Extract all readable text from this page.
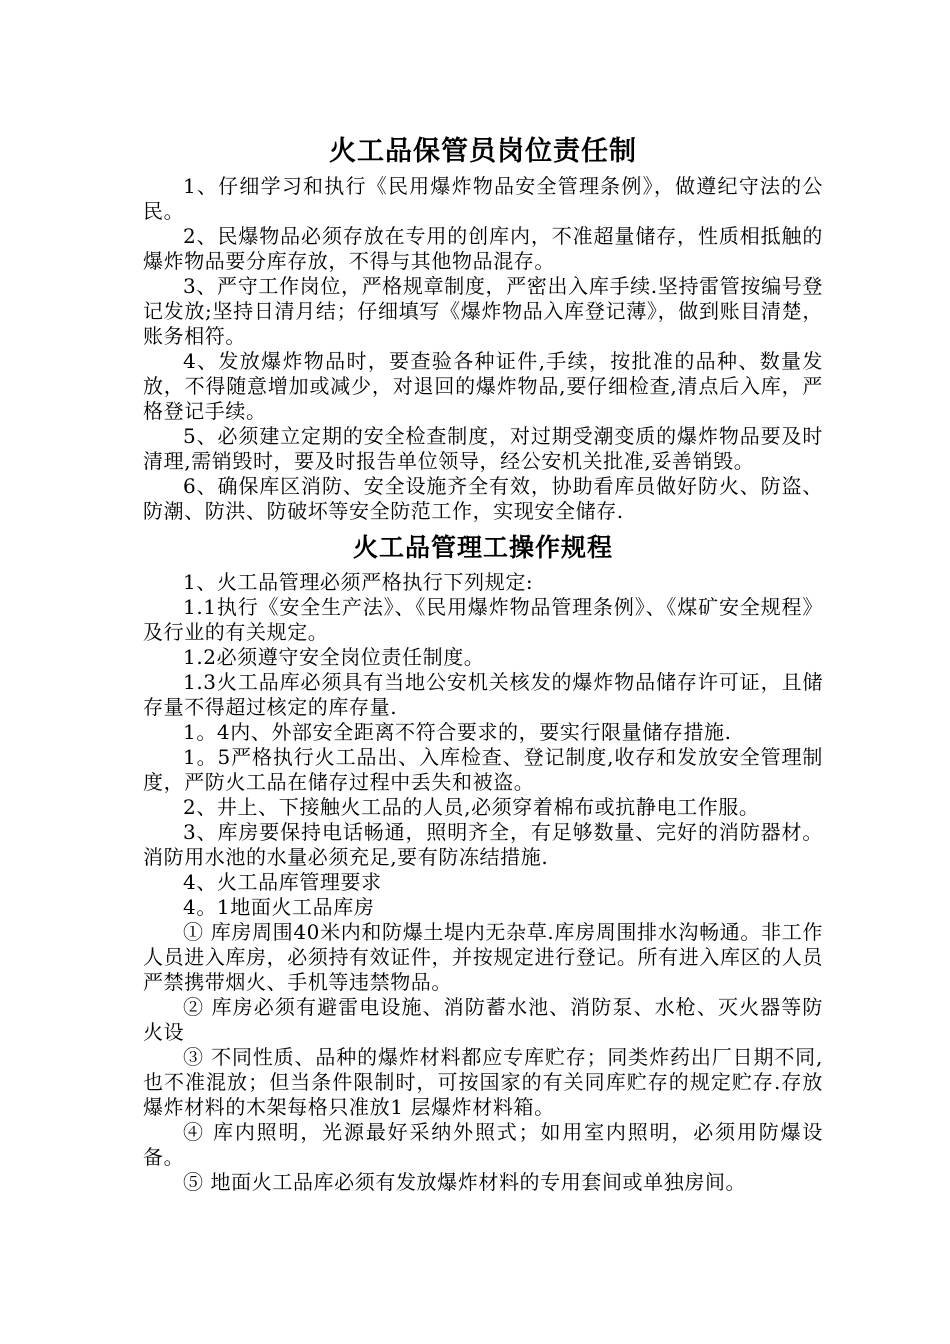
火工品保管员岗位责任制

1、仔细学习和执行《民用爆炸物品安全管理条例》，做遵纪守法的公民。

2、民爆物品必须存放在专用的创库内，不准超量储存，性质相抵触的爆炸物品要分库存放，不得与其他物品混存。

3、严守工作岗位，严格规章制度，严密出入库手续.坚持雷管按编号登记发放;坚持日清月结；仔细填写《爆炸物品入库登记薄》，做到账目清楚，账务相符。

4、发放爆炸物品时，要查验各种证件,手续，按批准的品种、数量发放，不得随意增加或减少，对退回的爆炸物品,要仔细检查,清点后入库，严格登记手续。

5、必须建立定期的安全检查制度，对过期受潮变质的爆炸物品要及时清理,需销毁时，要及时报告单位领导，经公安机关批准,妥善销毁。

6、确保库区消防、安全设施齐全有效，协助看库员做好防火、防盗、防潮、防洪、防破坏等安全防范工作，实现安全储存.

火工品管理工操作规程

1、火工品管理必须严格执行下列规定:

1.1执行《安全生产法》、《民用爆炸物品管理条例》、《煤矿安全规程》及行业的有关规定。

1.2必须遵守安全岗位责任制度。

1.3火工品库必须具有当地公安机关核发的爆炸物品储存许可证，且储存量不得超过核定的库存量.

1。4内、外部安全距离不符合要求的，要实行限量储存措施.

1。5严格执行火工品出、入库检查、登记制度,收存和发放安全管理制度，严防火工品在储存过程中丢失和被盗。

2、井上、下接触火工品的人员,必须穿着棉布或抗静电工作服。

3、库房要保持电话畅通，照明齐全，有足够数量、完好的消防器材。消防用水池的水量必须充足,要有防冻结措施.

4、火工品库管理要求

4。1地面火工品库房

① 库房周围40米内和防爆土堤内无杂草.库房周围排水沟畅通。非工作人员进入库房，必须持有效证件，并按规定进行登记。所有进入库区的人员严禁携带烟火、手机等违禁物品。

② 库房必须有避雷电设施、消防蓄水池、消防泵、水枪、灭火器等防火设

③ 不同性质、品种的爆炸材料都应专库贮存；同类炸药出厂日期不同,也不准混放；但当条件限制时，可按国家的有关同库贮存的规定贮存.存放爆炸材料的木架每格只准放1 层爆炸材料箱。

④ 库内照明，光源最好采纳外照式；如用室内照明，必须用防爆设备。

⑤ 地面火工品库必须有发放爆炸材料的专用套间或单独房间。
